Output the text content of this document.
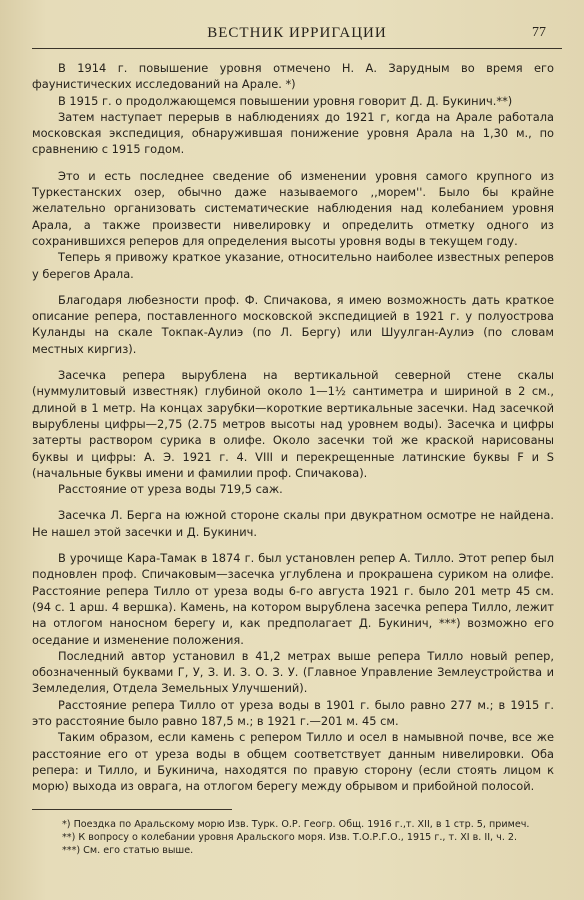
ВЕСТНИК ИРРИГАЦИИ	77

В 1914 г. повышение уровня отмечено Н. А. Зарудным во время его фаунистических исследований на Арале. *)

В 1915 г. о продолжающемся повышении уровня говорит Д. Д. Букинич.**)

Затем наступает перерыв в наблюдениях до 1921 г, когда на Арале работала московская экспедиция, обнаружившая понижение уровня Арала на 1,30 м., по сравнению с 1915 годом.

Это и есть последнее сведение об изменении уровня самого крупного из Туркестанских озер, обычно даже называемого ,,морем''. Было бы крайне желательно организовать систематические наблюдения над колебанием уровня Арала, а также произвести нивелировку и определить отметку одного из сохранившихся реперов для определения высоты уровня воды в текущем году.

Теперь я привожу краткое указание, относительно наиболее известных реперов у берегов Арала.

Благодаря любезности проф. Ф. Спичакова, я имею возможность дать краткое описание репера, поставленного московской экспедицией в 1921 г. у полуострова Куланды на скале Токпак-Аулиэ (по Л. Бергу) или Шуулган-Аулиэ (по словам местных киргиз).

Засечка репера вырублена на вертикальной северной стене скалы (нуммулитовый известняк) глубиной около 1—1½ сантиметра и шириной в 2 см., длиной в 1 метр. На концах зарубки—короткие вертикальные засечки. Над засечкой вырублены цифры—2,75 (2.75 метров высоты над уровнем воды). Засечка и цифры затерты раствором сурика в олифе. Около засечки той же краской нарисованы буквы и цифры: А. Э. 1921 г. 4. VIII и перекрещенные латинские буквы F и S (начальные буквы имени и фамилии проф. Спичакова).

Расстояние от уреза воды 719,5 саж.

Засечка Л. Берга на южной стороне скалы при двукратном осмотре не найдена. Не нашел этой засечки и Д. Букинич.

В урочище Кара-Тамак в 1874 г. был установлен репер А. Тилло. Этот репер был подновлен проф. Спичаковым—засечка углублена и прокрашена суриком на олифе. Расстояние репера Тилло от уреза воды 6-го августа 1921 г. было 201 метр 45 см. (94 с. 1 арш. 4 вершка). Камень, на котором вырублена засечка репера Тилло, лежит на отлогом наносном берегу и, как предполагает Д. Букинич, ***) возможно его оседание и изменение положения.

Последний автор установил в 41,2 метрах выше репера Тилло новый репер, обозначенный буквами Г, У, З. И. З. О. З. У. (Главное Управление Землеустройства и Земледелия, Отдела Земельных Улучшений).

Расстояние репера Тилло от уреза воды в 1901 г. было равно 277 м.; в 1915 г. это расстояние было равно 187,5 м.; в 1921 г.—201 м. 45 см.

Таким образом, если камень с репером Тилло и осел в намывной почве, все же расстояние его от уреза воды в общем соответствует данным нивелировки. Оба репера: и Тилло, и Букинича, находятся по правую сторону (если стоять лицом к морю) выхода из оврага, на отлогом берегу между обрывом и прибойной полосой.

*) Поездка по Аральскому морю Изв. Турк. О.Р. Геогр. Общ. 1916 г.,т. XII, в 1 стр. 5, примеч.

**) К вопросу о колебании уровня Аральского моря. Изв. Т.О.Р.Г.О., 1915 г., т. XI в. II, ч. 2.

***) См. его статью выше.
